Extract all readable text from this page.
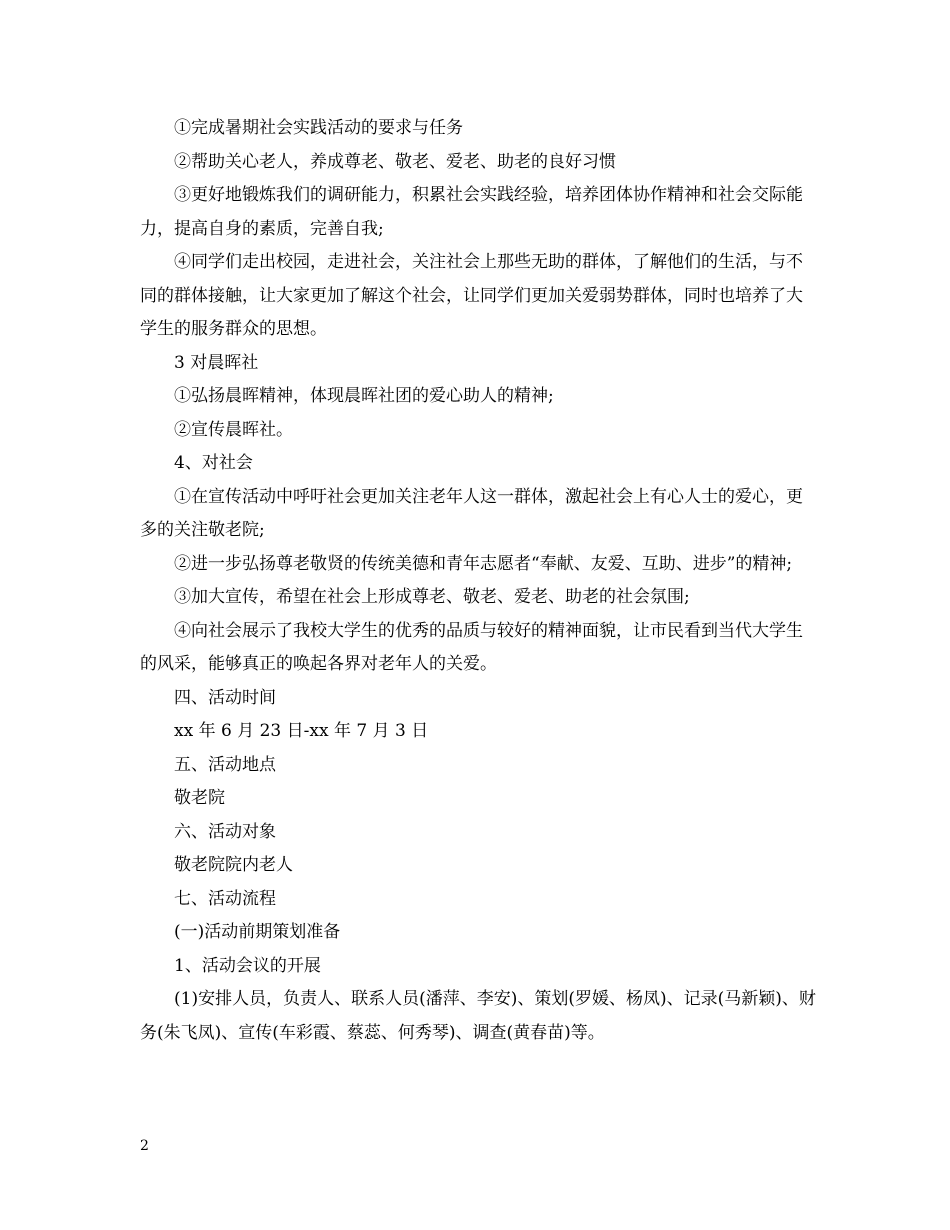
①完成暑期社会实践活动的要求与任务

②帮助关心老人，养成尊老、敬老、爱老、助老的良好习惯

③更好地锻炼我们的调研能力，积累社会实践经验，培养团体协作精神和社会交际能力，提高自身的素质，完善自我;

④同学们走出校园，走进社会，关注社会上那些无助的群体，了解他们的生活，与不同的群体接触，让大家更加了解这个社会，让同学们更加关爱弱势群体，同时也培养了大学生的服务群众的思想。

3 对晨晖社

①弘扬晨晖精神，体现晨晖社团的爱心助人的精神;

②宣传晨晖社。

4、对社会

①在宣传活动中呼吁社会更加关注老年人这一群体，激起社会上有心人士的爱心，更多的关注敬老院;

②进一步弘扬尊老敬贤的传统美德和青年志愿者“奉献、友爱、互助、进步”的精神;

③加大宣传，希望在社会上形成尊老、敬老、爱老、助老的社会氛围;

④向社会展示了我校大学生的优秀的品质与较好的精神面貌，让市民看到当代大学生的风采，能够真正的唤起各界对老年人的关爱。

四、活动时间

xx 年 6 月 23 日-xx 年 7 月 3 日

五、活动地点

敬老院

六、活动对象

敬老院院内老人

七、活动流程

(一)活动前期策划准备

1、活动会议的开展

(1)安排人员，负责人、联系人员(潘萍、李安)、策划(罗媛、杨凤)、记录(马新颖)、财务(朱飞凤)、宣传(车彩霞、蔡蕊、何秀琴)、调查(黄春苗)等。

2
